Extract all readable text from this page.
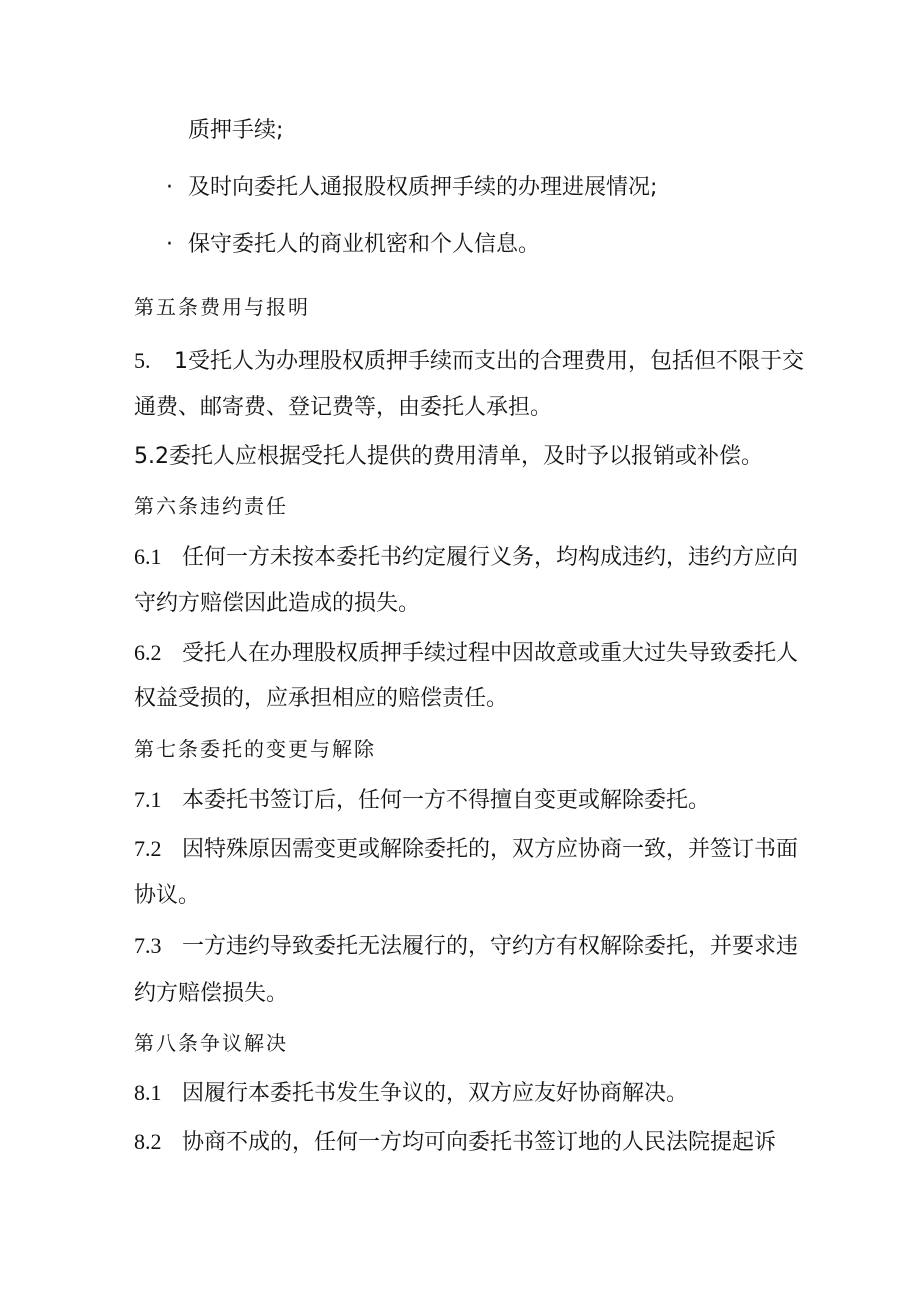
质押手续;
· 及时向委托人通报股权质押手续的办理进展情况;
· 保守委托人的商业机密和个人信息。
第五条费用与报明
5. 1受托人为办理股权质押手续而支出的合理费用，包括但不限于交
通费、邮寄费、登记费等，由委托人承担。
5.2委托人应根据受托人提供的费用清单，及时予以报销或补偿。
第六条违约责任
6.1 任何一方未按本委托书约定履行义务，均构成违约，违约方应向
守约方赔偿因此造成的损失。
6.2 受托人在办理股权质押手续过程中因故意或重大过失导致委托人
权益受损的，应承担相应的赔偿责任。
第七条委托的变更与解除
7.1 本委托书签订后，任何一方不得擅自变更或解除委托。
7.2 因特殊原因需变更或解除委托的，双方应协商一致，并签订书面
协议。
7.3 一方违约导致委托无法履行的，守约方有权解除委托，并要求违
约方赔偿损失。
第八条争议解决
8.1 因履行本委托书发生争议的，双方应友好协商解决。
8.2 协商不成的，任何一方均可向委托书签订地的人民法院提起诉
